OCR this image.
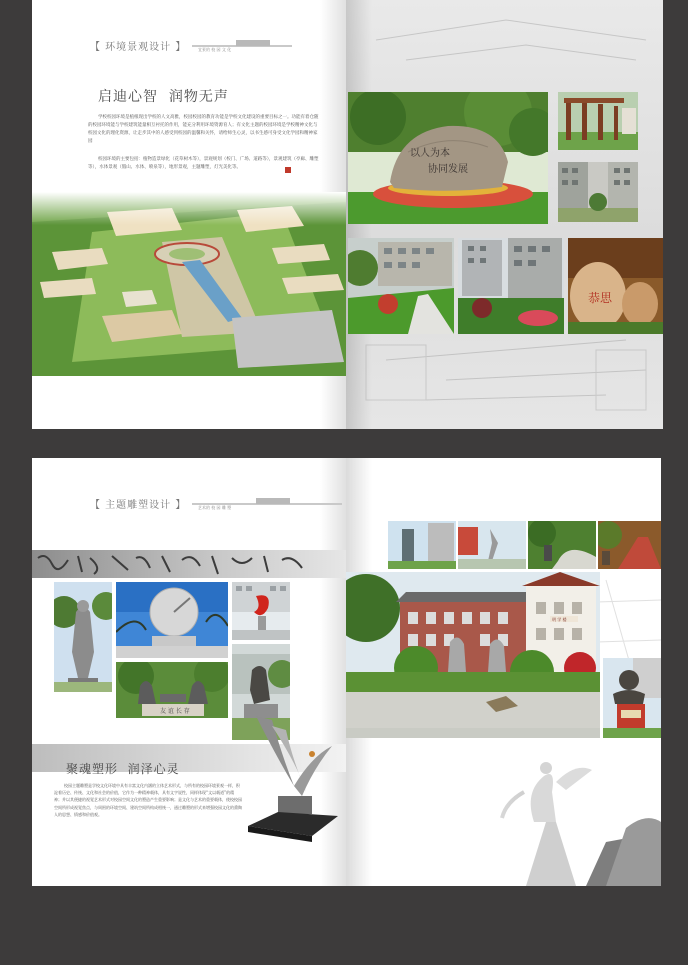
【 环境景观设计 】	宜景的 校 园 文 化
启迪心智  润物无声
学校校园环境是植根现出学校的人文高雅，校园校园的教育功能是学校文化建设的重要目标之一。功能有着仓随的校园环境能与学校建筑能量相互衬托的作用，能充分利用环境资源育人；有文化主题的校园环境是学校精神文化与校园文化的理化资源，让走步其中的人感受到校园的温馨和关怀，请给师生心灵，以书生感可身受文化学园和精神家园
校园环境的主要包括：植物造景绿化（花草树木等），景观规划（校门、广场、道路等），景观建筑（亭廊、雕塑等），水体景观（假山、水体、喷泉等），地形景观，主题雕塑，灯光美化等。
以人为本
协同发展
恭思
【 主题雕塑设计 】	艺术的 校 园 雕 塑
友 谊 长 存
聚魂塑形  润泽心灵
校园主题雕塑是学校文化环境中具有丰富文化内涵的立体艺术形式，与所有的校园环境景观一样，积淀着历史、传统、文化和社会的价值，它作为一种精神载体，具有文字说性，同样体现“文以载道”的精神；并以其便捷的视觉艺术形式对校园空间文化的塑造产生重要影响；是文化与艺术的重要载体，使校校园空间所形成视觉焦点，与周围的环境空间、建筑空间所构成相统一，通过雕塑的形式来增强校园文化的熏陶人的思想、情感和价值观。
明 学 楼
